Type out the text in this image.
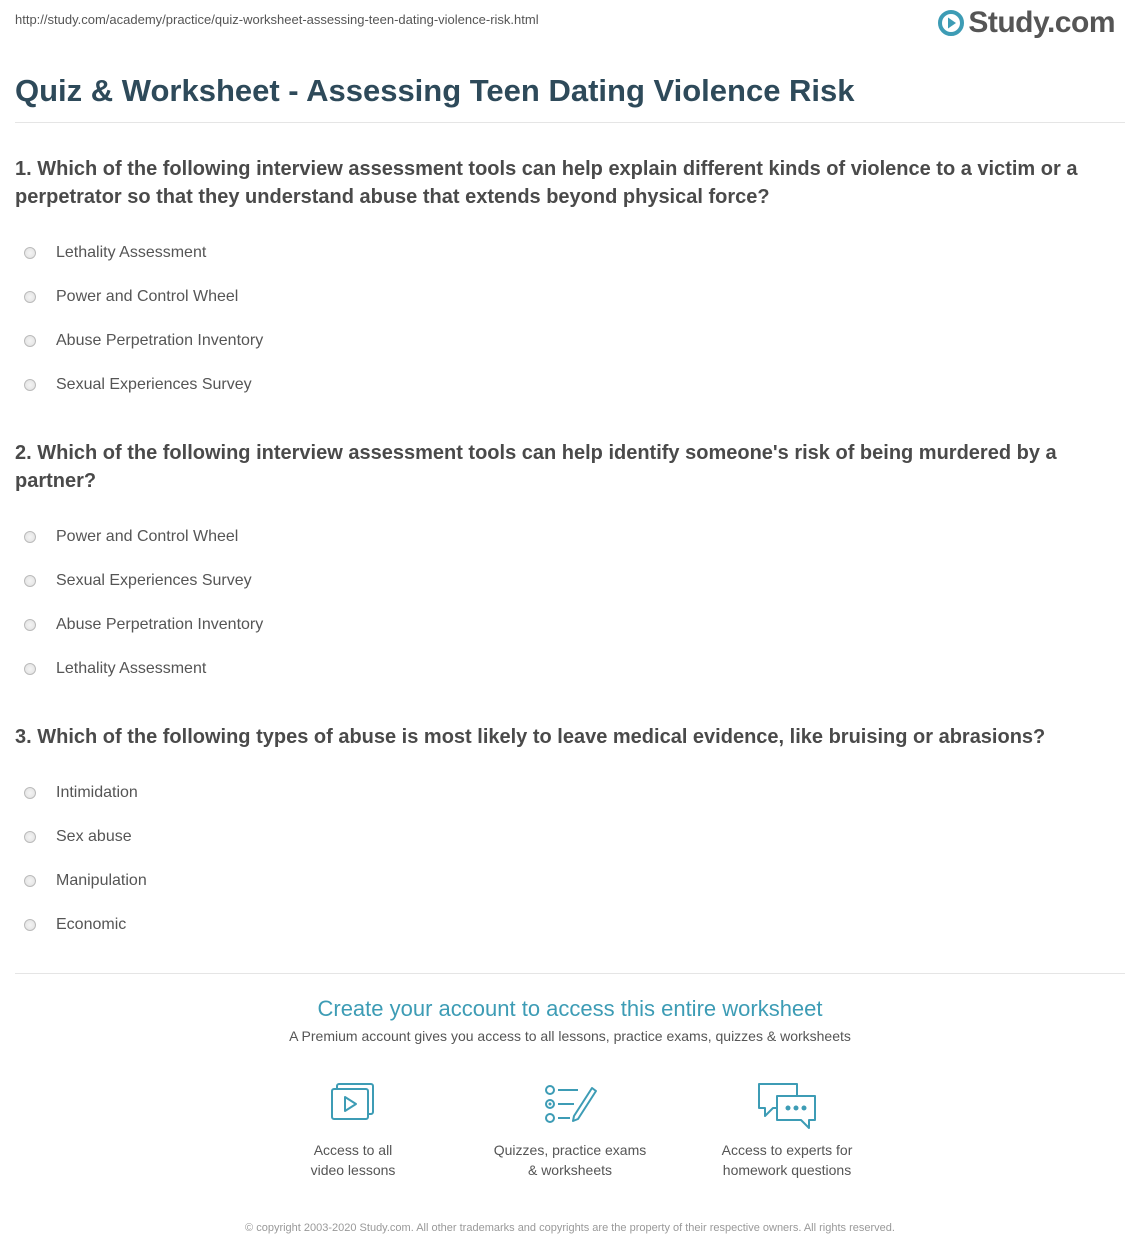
http://study.com/academy/practice/quiz-worksheet-assessing-teen-dating-violence-risk.html	Study.com
Quiz & Worksheet - Assessing Teen Dating Violence Risk
1. Which of the following interview assessment tools can help explain different kinds of violence to a victim or a perpetrator so that they understand abuse that extends beyond physical force?
Lethality Assessment
Power and Control Wheel
Abuse Perpetration Inventory
Sexual Experiences Survey
2. Which of the following interview assessment tools can help identify someone's risk of being murdered by a partner?
Power and Control Wheel
Sexual Experiences Survey
Abuse Perpetration Inventory
Lethality Assessment
3. Which of the following types of abuse is most likely to leave medical evidence, like bruising or abrasions?
Intimidation
Sex abuse
Manipulation
Economic
Create your account to access this entire worksheet
A Premium account gives you access to all lessons, practice exams, quizzes & worksheets
Access to all
video lessons
Quizzes, practice exams
& worksheets
Access to experts for
homework questions
© copyright 2003-2020 Study.com. All other trademarks and copyrights are the property of their respective owners. All rights reserved.
